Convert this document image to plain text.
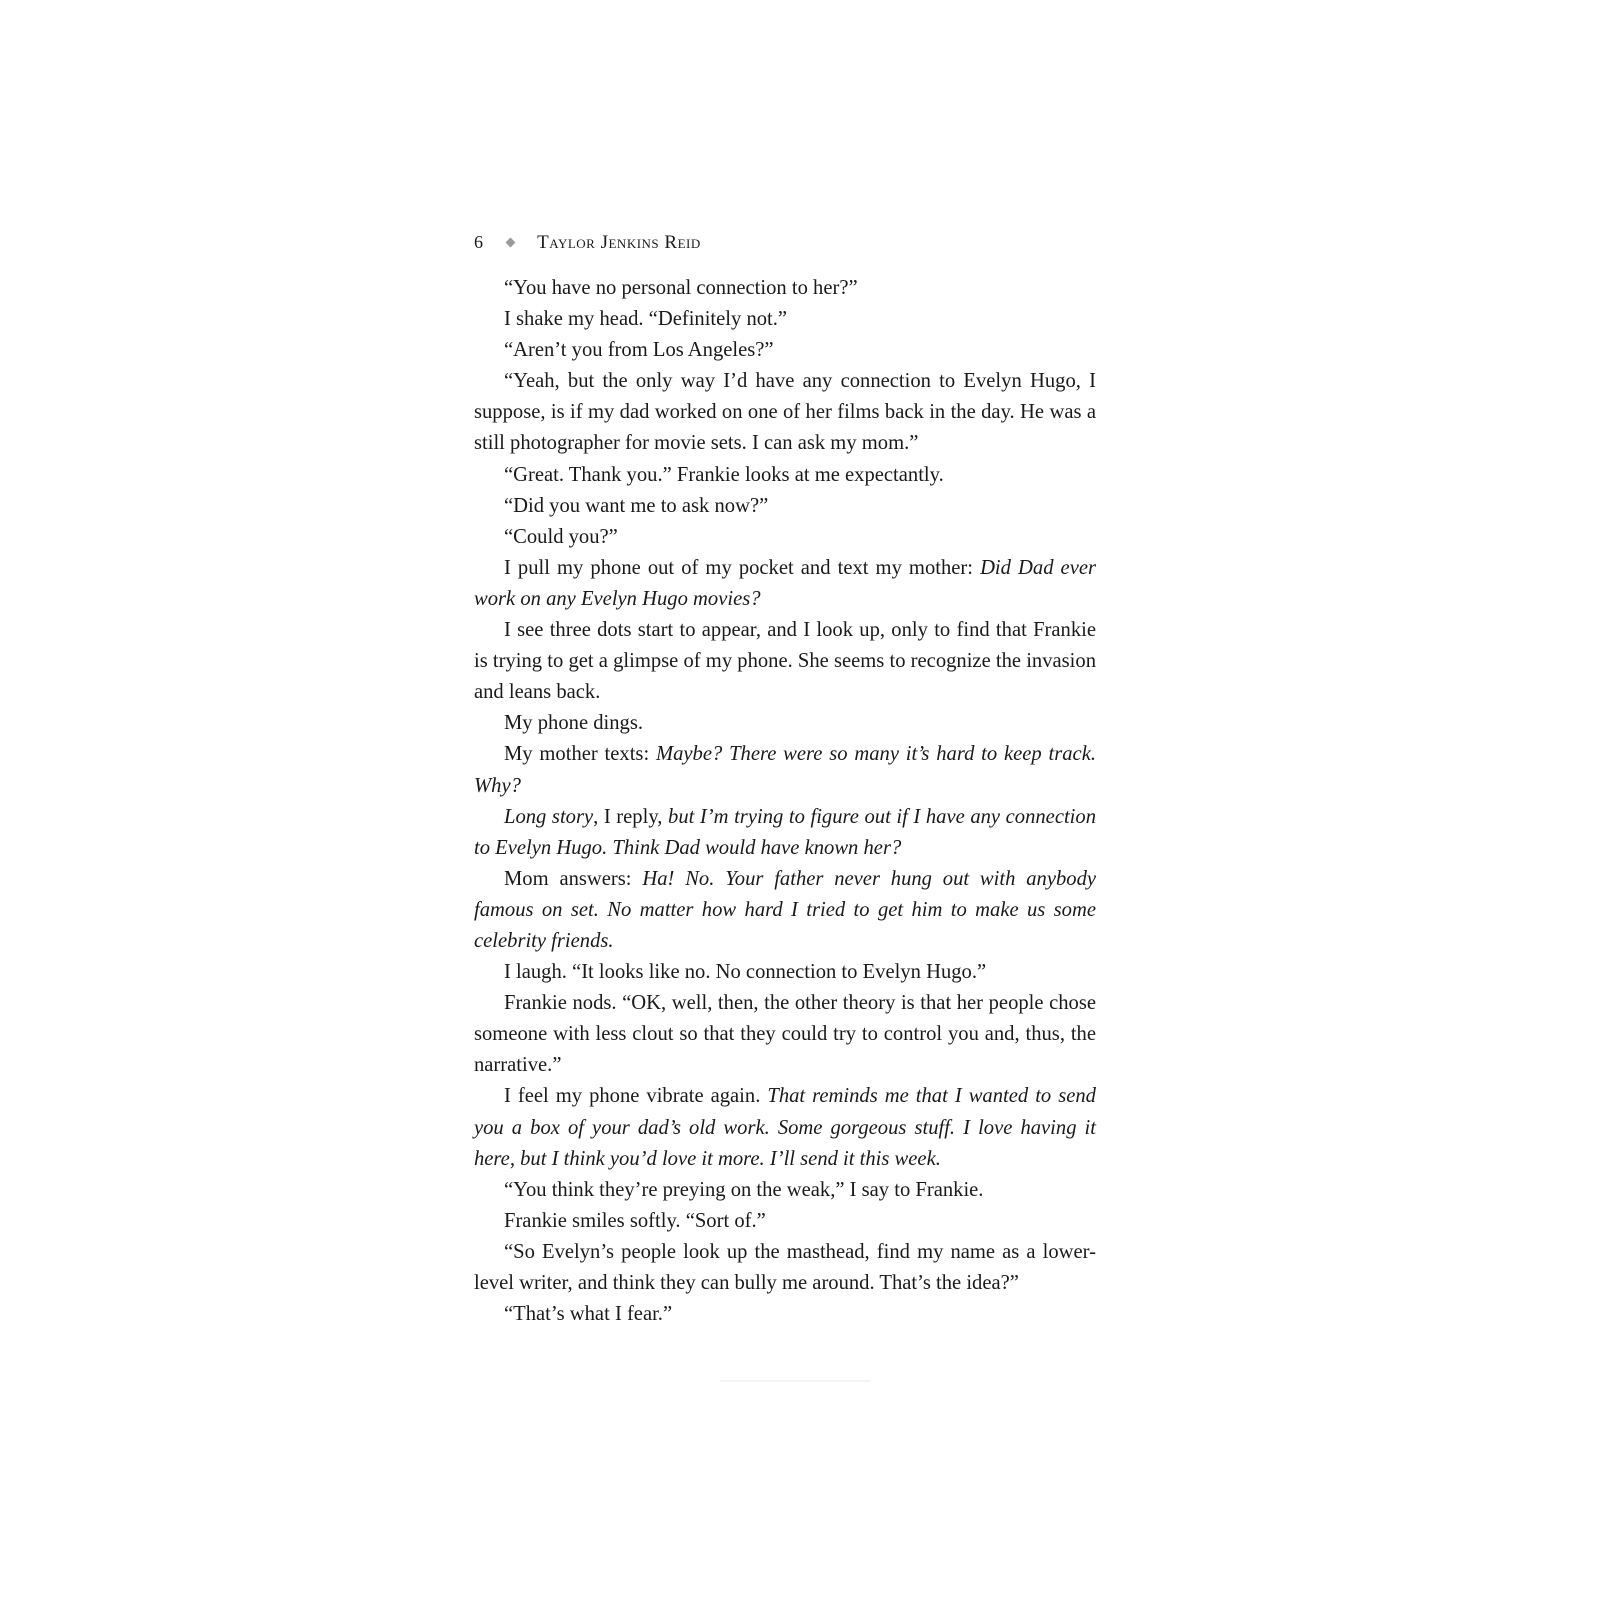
6	Taylor Jenkins Reid

“You have no personal connection to her?”

I shake my head. “Definitely not.”

“Aren’t you from Los Angeles?”

“Yeah, but the only way I’d have any connection to Evelyn Hugo, I suppose, is if my dad worked on one of her films back in the day. He was a still photographer for movie sets. I can ask my mom.”

“Great. Thank you.” Frankie looks at me expectantly.

“Did you want me to ask now?”

“Could you?”

I pull my phone out of my pocket and text my mother: Did Dad ever work on any Evelyn Hugo movies?

I see three dots start to appear, and I look up, only to find that Frankie is trying to get a glimpse of my phone. She seems to recognize the invasion and leans back.

My phone dings.

My mother texts: Maybe? There were so many it’s hard to keep track. Why?

Long story, I reply, but I’m trying to figure out if I have any connection to Evelyn Hugo. Think Dad would have known her?

Mom answers: Ha! No. Your father never hung out with anybody famous on set. No matter how hard I tried to get him to make us some celebrity friends.

I laugh. “It looks like no. No connection to Evelyn Hugo.”

Frankie nods. “OK, well, then, the other theory is that her people chose someone with less clout so that they could try to control you and, thus, the narrative.”

I feel my phone vibrate again. That reminds me that I wanted to send you a box of your dad’s old work. Some gorgeous stuff. I love having it here, but I think you’d love it more. I’ll send it this week.

“You think they’re preying on the weak,” I say to Frankie.

Frankie smiles softly. “Sort of.”

“So Evelyn’s people look up the masthead, find my name as a lower-level writer, and think they can bully me around. That’s the idea?”

“That’s what I fear.”
